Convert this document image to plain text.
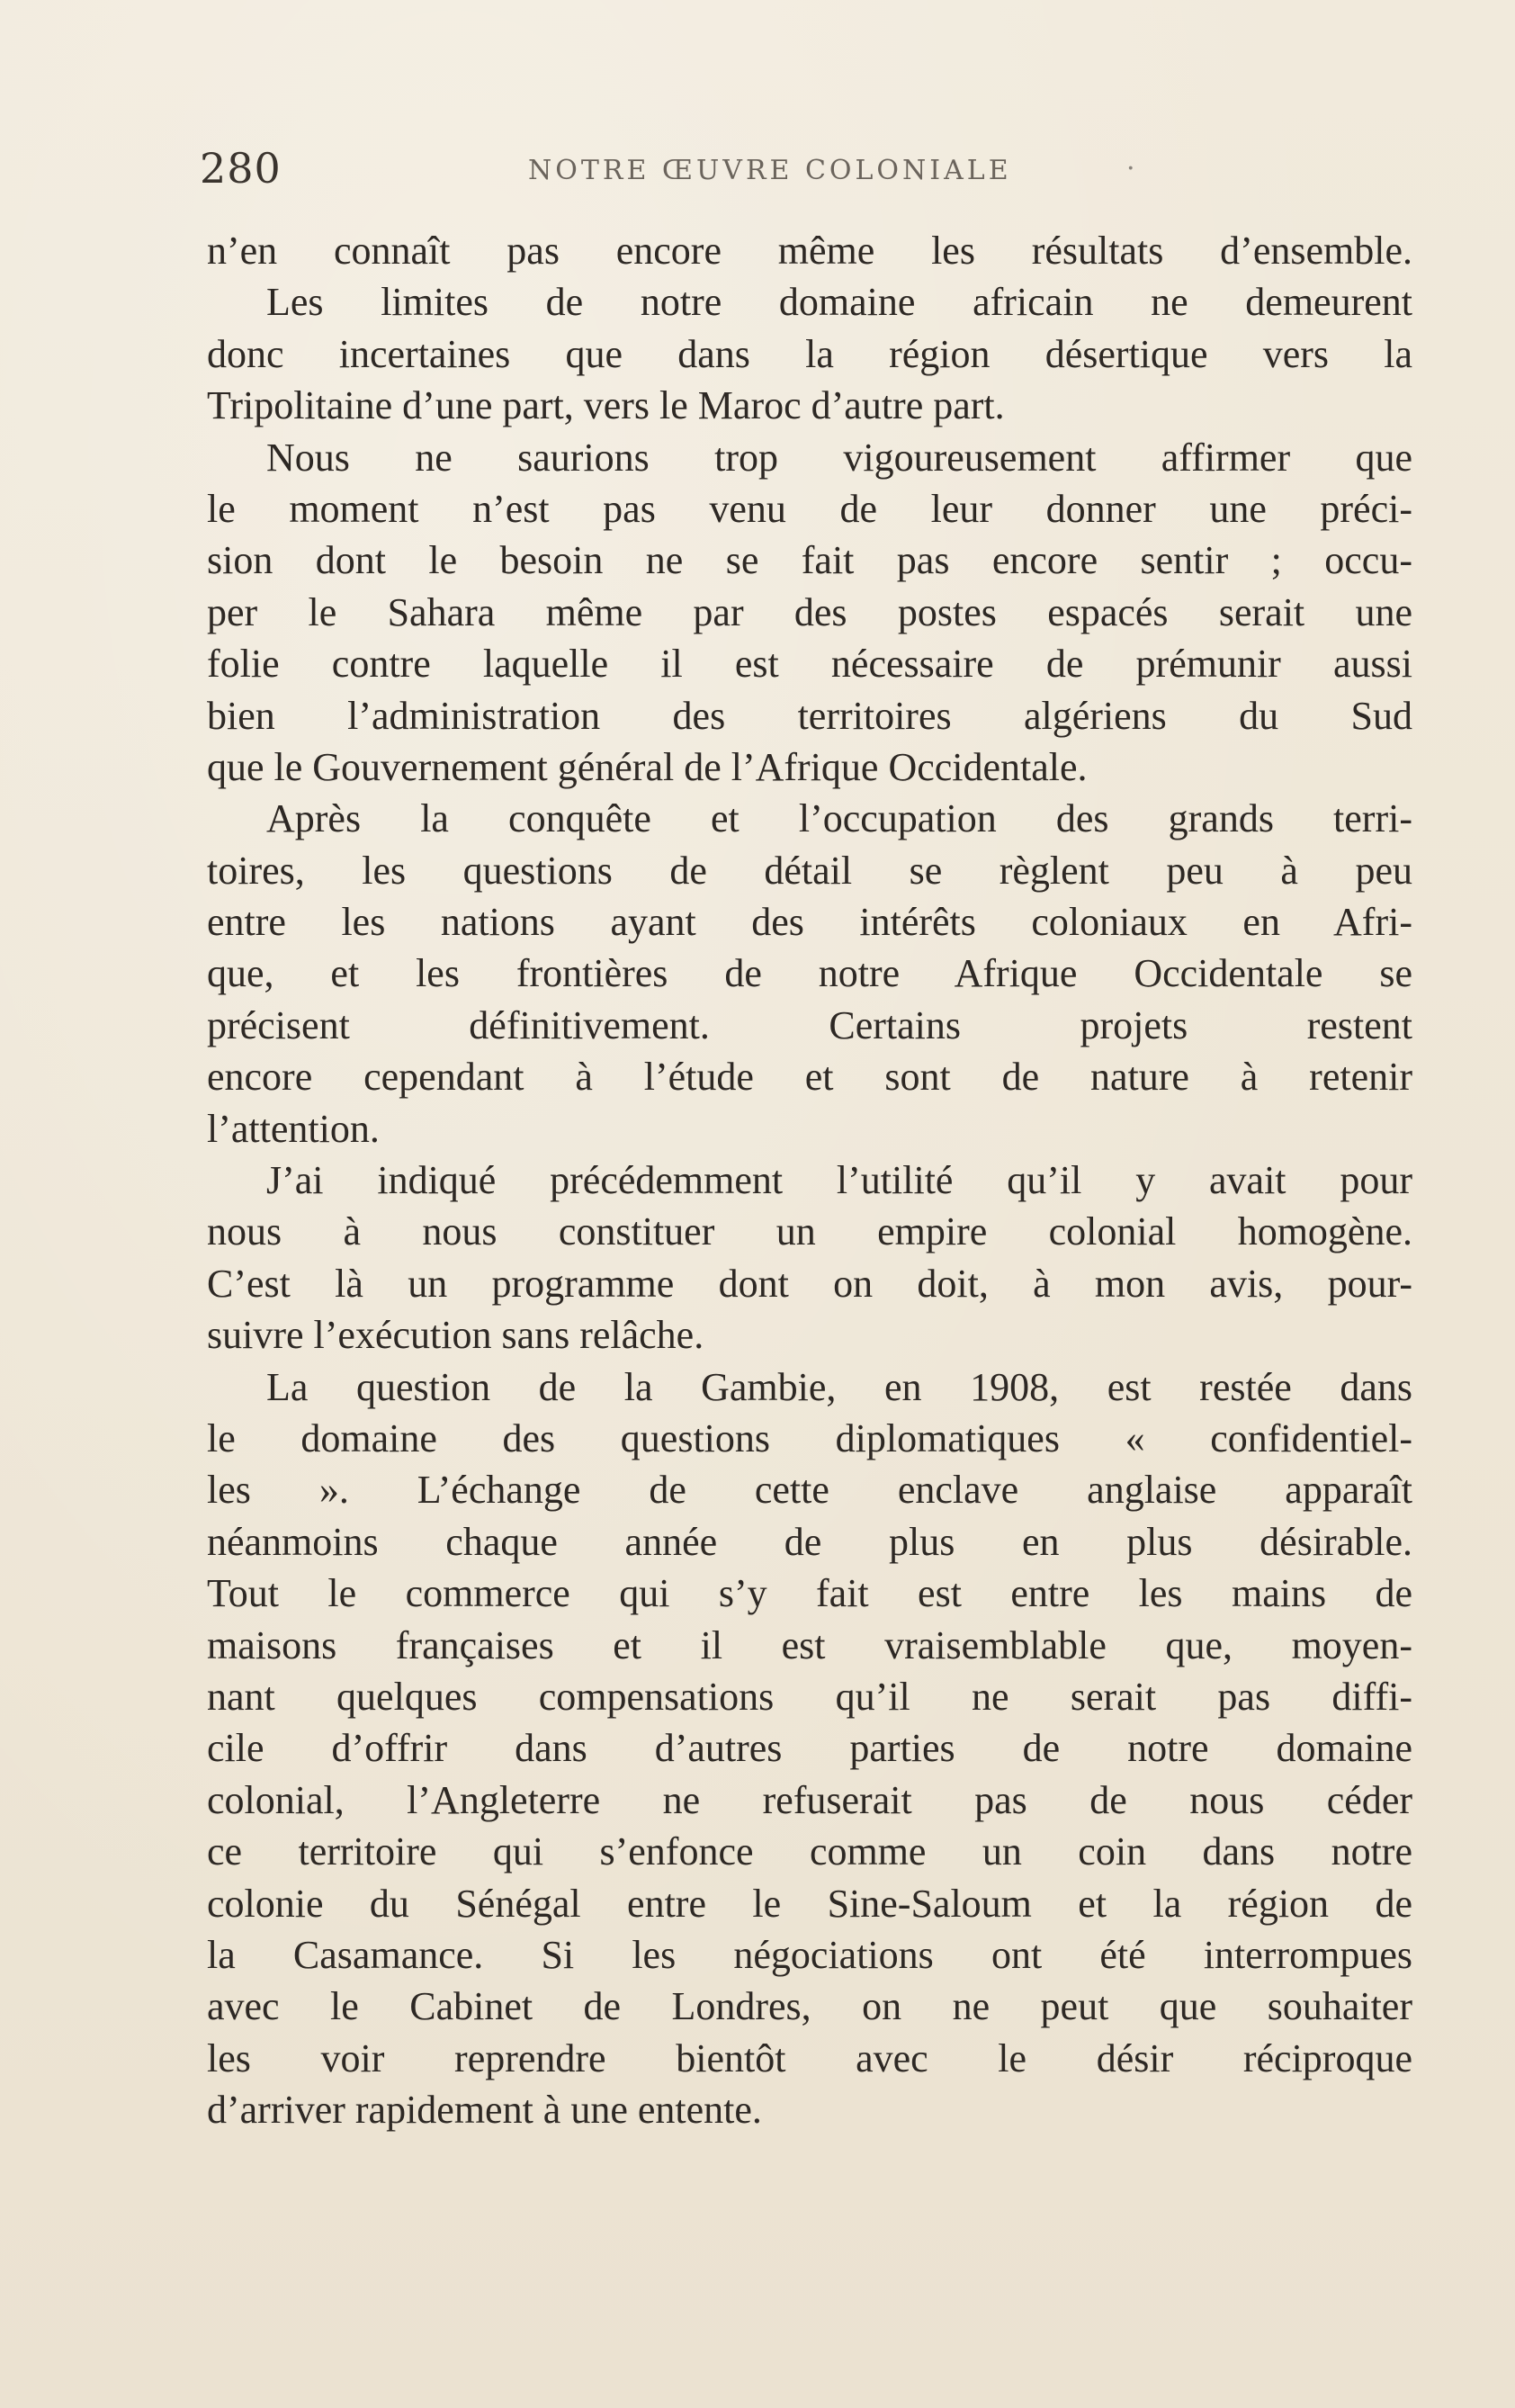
280	NOTRE ŒUVRE COLONIALE	·
n’en connaît pas encore même les résultats d’ensemble.
Les limites de notre domaine africain ne demeurent
donc incertaines que dans la région désertique vers la
Tripolitaine d’une part, vers le Maroc d’autre part.
Nous ne saurions trop vigoureusement affirmer que
le moment n’est pas venu de leur donner une préci-
sion dont le besoin ne se fait pas encore sentir ; occu-
per le Sahara même par des postes espacés serait une
folie contre laquelle il est nécessaire de prémunir aussi
bien l’administration des territoires algériens du Sud
que le Gouvernement général de l’Afrique Occidentale.
Après la conquête et l’occupation des grands terri-
toires, les questions de détail se règlent peu à peu
entre les nations ayant des intérêts coloniaux en Afri-
que, et les frontières de notre Afrique Occidentale se
précisent définitivement. Certains projets restent
encore cependant à l’étude et sont de nature à retenir
l’attention.
J’ai indiqué précédemment l’utilité qu’il y avait pour
nous à nous constituer un empire colonial homogène.
C’est là un programme dont on doit, à mon avis, pour-
suivre l’exécution sans relâche.
La question de la Gambie, en 1908, est restée dans
le domaine des questions diplomatiques « confidentiel-
les ». L’échange de cette enclave anglaise apparaît
néanmoins chaque année de plus en plus désirable.
Tout le commerce qui s’y fait est entre les mains de
maisons françaises et il est vraisemblable que, moyen-
nant quelques compensations qu’il ne serait pas diffi-
cile d’offrir dans d’autres parties de notre domaine
colonial, l’Angleterre ne refuserait pas de nous céder
ce territoire qui s’enfonce comme un coin dans notre
colonie du Sénégal entre le Sine-Saloum et la région de
la Casamance. Si les négociations ont été interrompues
avec le Cabinet de Londres, on ne peut que souhaiter
les voir reprendre bientôt avec le désir réciproque
d’arriver rapidement à une entente.
